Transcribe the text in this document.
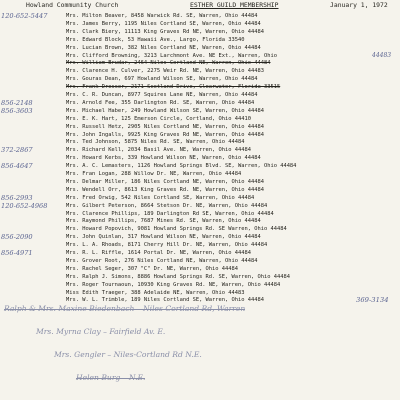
Howland Community Church	ESTHER GUILD MEMBERSHIP	January 1, 1972
Mrs. Milton Beaver, 8458 Warwick Rd. SE, Warren, Ohio 44484
120-652-5447
Mrs. James Berry, 1195 Niles Cortland SE, Warren, Ohio 44484
Mrs. Clark Biery, 11113 King Graves Rd NE, Warren, Ohio 44484
Mrs. Edward Block, 53 Hawaii Ave., Largo, Florida 33540
Mrs. Lucian Brown, 382 Niles Cortland NE, Warren, Ohio 44484
Mrs. Clifford Browning, 3213 Larchmont Ave. NE Ext., Warren, Ohio	44483
Mrs. William Brudar, 2464 Niles Cortland NE, Warren, Ohio 44484
Mrs. Clarence H. Culver, 2275 Weir Rd. NE, Warren, Ohio 44483
Mrs. Gouras Dean, 697 Howland Wilson SE, Warren, Ohio 44484
Mrs. Frank Dresser, 2171 Scotland Drive, Clearwater, Florida 33515
Mrs. C. R. Duncan, 8977 Squires Lane NE, Warren, Ohio 44484
Mrs. Arnold Fee, 355 Darlington Rd. SE, Warren, Ohio 44484
856-2148
Mrs. Michael Haber, 249 Howland Wilson SE, Warren, Ohio 44484
856-3603
Mrs. E. K. Hart, 125 Emerson Circle, Cortland, Ohio 44410
Mrs. Russell Hetz, 2905 Niles Cortland NE, Warren, Ohio 44484
Mrs. John Ingalls, 9925 King Graves Rd NE, Warren, Ohio 44484
Mrs. Ted Johnson, 5875 Niles Rd. SE, Warren, Ohio 44484
Mrs. Richard Kell, 2034 Basil Ave. NE, Warren, Ohio 44484
372-2867
Mrs. Howard Kerbs, 339 Howland Wilson NE, Warren, Ohio 44484
Mrs. A. C. Lemasters, 1126 Howland Springs Blvd. SE, Warren, Ohio 44484
856-4647
Mrs. Fran Logan, 288 Willow Dr. NE, Warren, Ohio 44484
Mrs. Delmar Miller, 186 Niles Cortland NE, Warren, Ohio 44484
Mrs. Wendell Orr, 8613 King Graves Rd. NE, Warren, Ohio 44484
Mrs. Fred Orwig, 542 Niles Cortland SE, Warren, Ohio 44484
856-2993
Mrs. Gilbert Peterson, 8664 Stetson Dr. NE, Warren, Ohio 44484
120-652-4968
Mrs. Clarence Phillips, 189 Darlington Rd SE, Warren, Ohio 44484
Mrs. Raymond Phillips, 7687 Mines Rd. SE, Warren, Ohio 44484
Mrs. Howard Popovich, 9081 Howland Springs Rd. SE Warren, Ohio 44484
Mrs. John Quinlan, 317 Howland Wilson NE, Warren, Ohio 44484
856-2090
Mrs. L. A. Rhoads, 8171 Cherry Hill Dr. NE, Warren, Ohio 44484
Mrs. R. L. Riffle, 1614 Portal Dr. NE, Warren, Ohio 44484
856-4971
Mrs. Grover Root, 276 Niles Cortland NE, Warren, Ohio 44484
Mrs. Rachel Seger, 307 "C" Dr. NE, Warren, Ohio 44484
Mrs. Ralph J. Simons, 8886 Howland Springs Rd. SE, Warren, Ohio 44484
Mrs. Roger Tournaoun, 10930 King Graves Rd. NE, Warren, Ohio 44484
Miss Edith Traeger, 388 Adelaide NE, Warren, Ohio 44483
Mrs. W. L. Trimble, 189 Niles Cortland SE, Warren, Ohio 44484	369-3134
Mrs. Myrna Clay – Fairfield Av. E.
Mrs. Gengler – Niles-Cortland Rd N.E.
